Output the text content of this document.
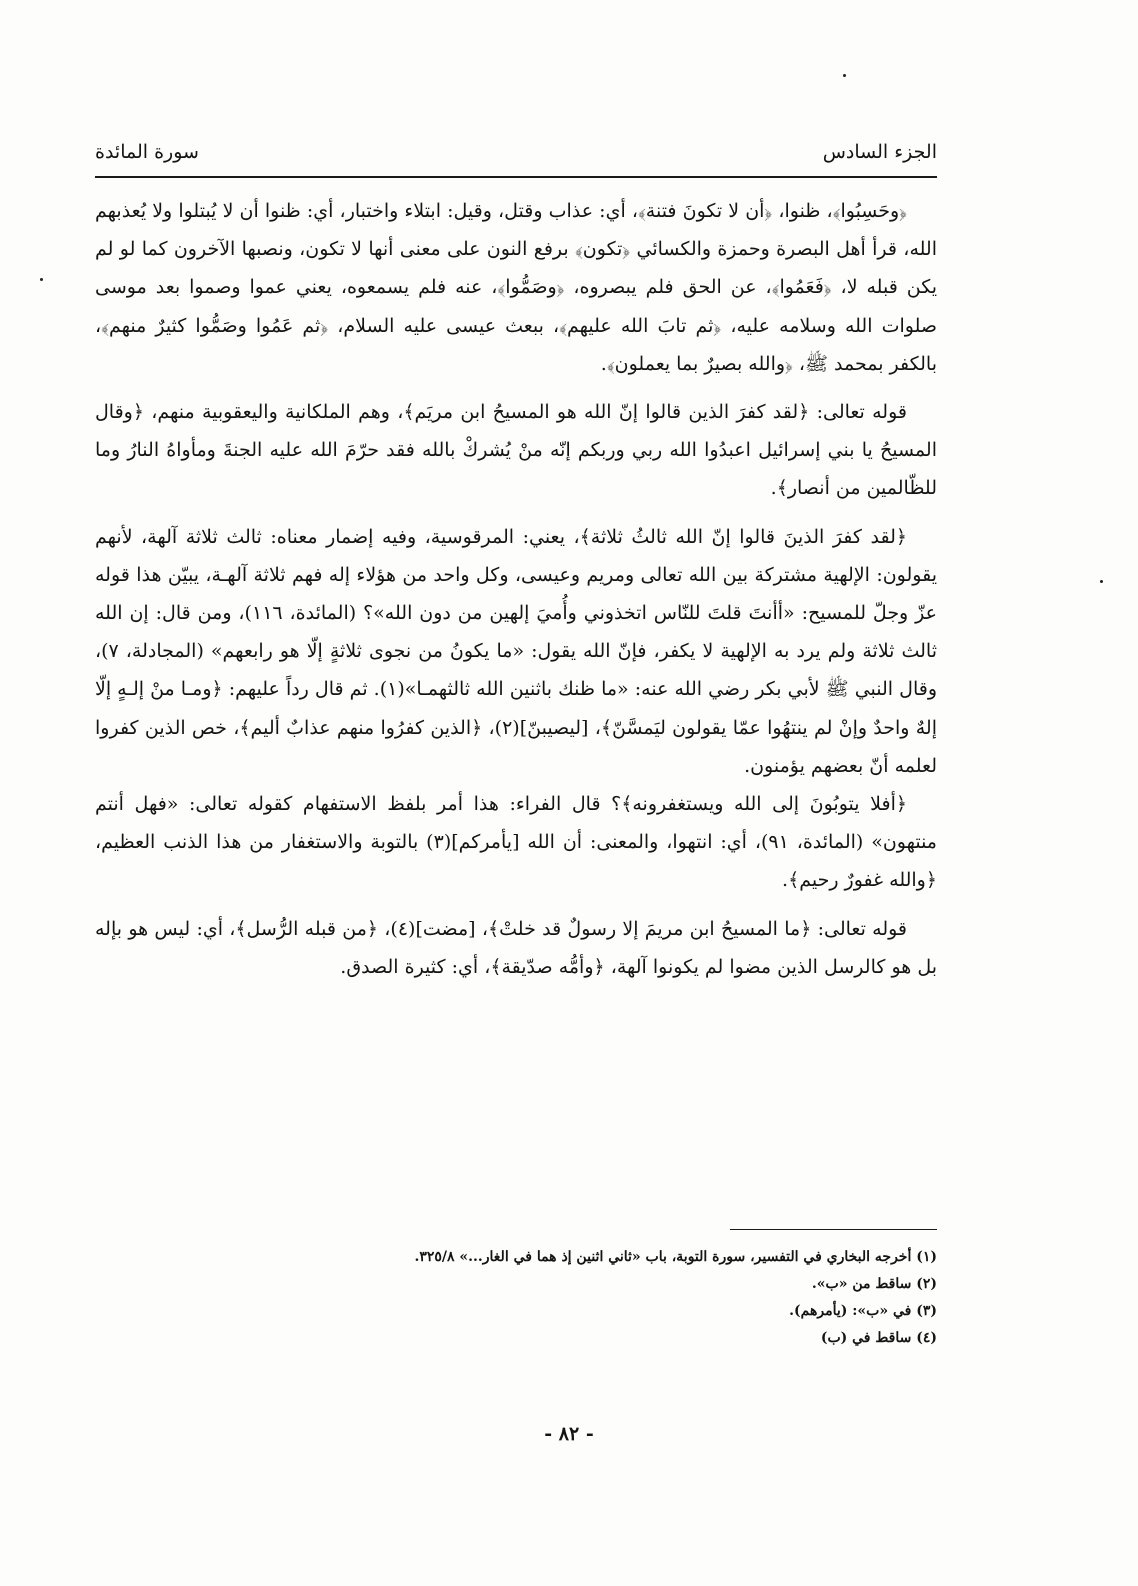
الجزء السادس
سورة المائدة

﴿وحَسِبُوا﴾، ظنوا، ﴿أن لا تكونَ فتنة﴾، أي: عذاب وقتل، وقيل: ابتلاء واختبار، أي: ظنوا أن لا يُبتلوا ولا يُعذبهم الله، قرأ أهل البصرة وحمزة والكسائي ﴿تكون﴾ برفع النون على معنى أنها لا تكون، ونصبها الآخرون كما لو لم يكن قبله لا، ﴿فَعَمُوا﴾، عن الحق فلم يبصروه، ﴿وصَمُّوا﴾، عنه فلم يسمعوه، يعني عموا وصموا بعد موسى صلوات الله وسلامه عليه، ﴿ثم تابَ الله عليهم﴾، ببعث عيسى عليه السلام، ﴿ثم عَمُوا وصَمُّوا كثيرٌ منهم﴾، بالكفر بمحمد ﷺ، ﴿والله بصيرٌ بما يعملون﴾.

قوله تعالى: ﴿لقد كفرَ الذين قالوا إنّ الله هو المسيحُ ابن مريَم﴾، وهم الملكانية واليعقوبية منهم، ﴿وقال المسيحُ يا بني إسرائيل اعبدُوا الله ربي وربكم إنّه منْ يُشركْ بالله فقد حرّمَ الله عليه الجنةَ ومأواهُ النارُ وما للظّالمين من أنصار﴾.

﴿لقد كفرَ الذينَ قالوا إنّ الله ثالثُ ثلاثة﴾، يعني: المرقوسية، وفيه إضمار معناه: ثالث ثلاثة آلهة، لأنهم يقولون: الإلهية مشتركة بين الله تعالى ومريم وعيسى، وكل واحد من هؤلاء إله فهم ثلاثة آلهـة، يبيّن هذا قوله عزّ وجلّ للمسيح: «أأنتَ قلتَ للنّاس اتخذوني وأُميَ إلهين من دون الله»؟ (المائدة، ١١٦)، ومن قال: إن الله ثالث ثلاثة ولم يرد به الإلهية لا يكفر، فإنّ الله يقول: «ما يكونُ من نجوى ثلاثةٍ إلّا هو رابعهم» (المجادلة، ٧)، وقال النبي ﷺ لأبي بكر رضي الله عنه: «ما ظنك باثنين الله ثالثهمـا»(١). ثم قال رداً عليهم: ﴿ومـا منْ إلـهٍ إلّا إلهٌ واحدٌ وإنْ لم ينتهُوا عمّا يقولون ليَمسَّنّ﴾، [ليصيبنّ](٢)، ﴿الذين كفرُوا منهم عذابٌ أليم﴾، خص الذين كفروا لعلمه أنّ بعضهم يؤمنون.

﴿أفلا يتوبُونَ إلى الله ويستغفرونه﴾؟ قال الفراء: هذا أمر بلفظ الاستفهام كقوله تعالى: «فهل أنتم منتهون» (المائدة، ٩١)، أي: انتهوا، والمعنى: أن الله [يأمركم](٣) بالتوبة والاستغفار من هذا الذنب العظيم، ﴿والله غفورٌ رحيم﴾.

قوله تعالى: ﴿ما المسيحُ ابن مريمَ إلا رسولٌ قد خلتْ﴾، [مضت](٤)، ﴿من قبله الرُّسل﴾، أي: ليس هو بإله بل هو كالرسل الذين مضوا لم يكونوا آلهة، ﴿وأمُّه صدّيقة﴾، أي: كثيرة الصدق.

(١) أخرجه البخاري في التفسير، سورة التوبة، باب «ثاني اثنين إذ هما في الغار...» ٣٢٥/٨.
(٢) ساقط من «ب».
(٣) في «ب»: (يأمرهم).
(٤) ساقط في (ب)
- ٨٢ -
